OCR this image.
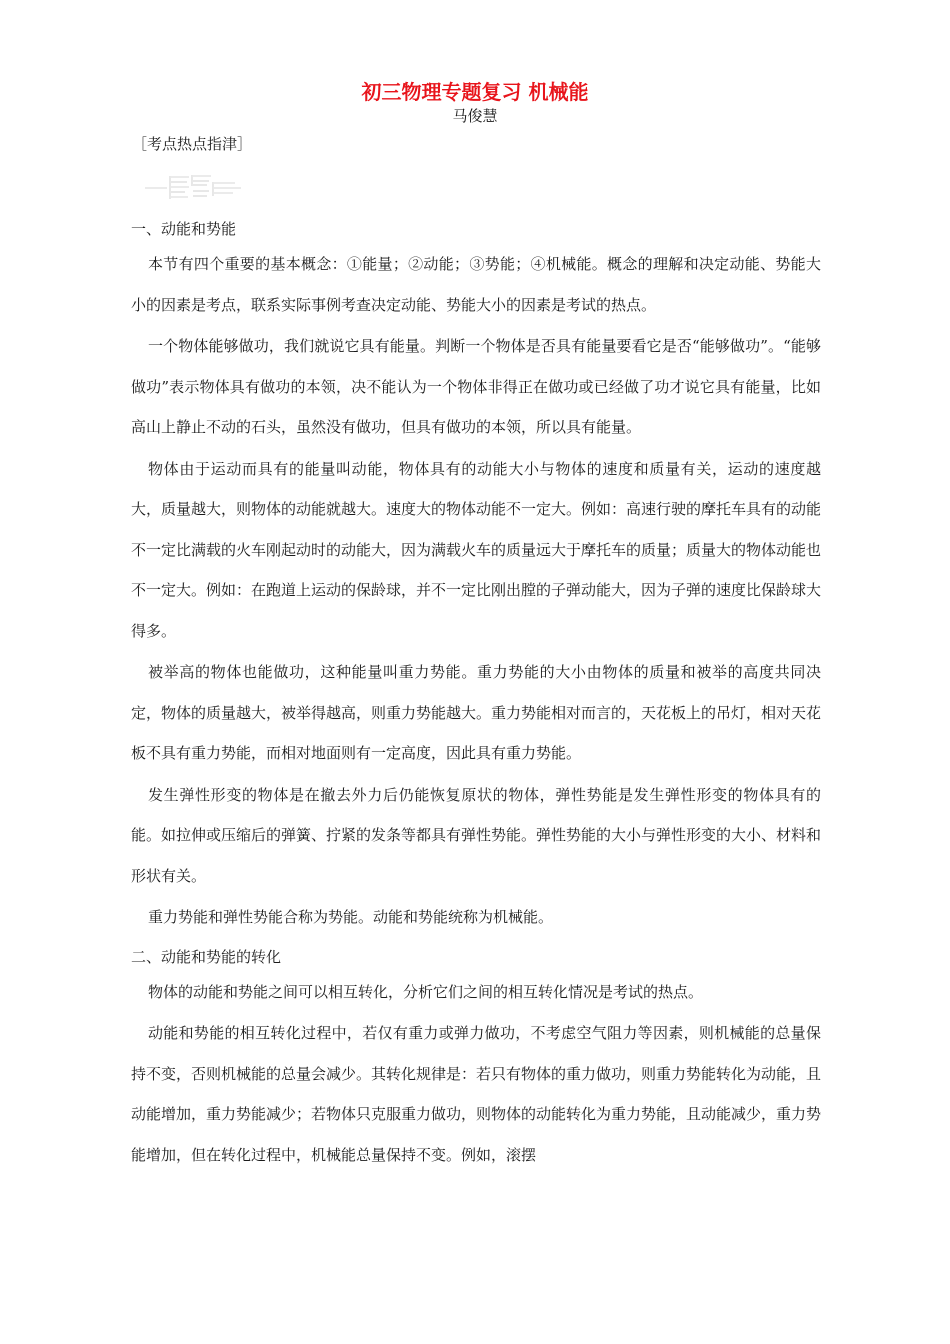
初三物理专题复习 机械能
马俊慧
［考点热点指津］
一、动能和势能

本节有四个重要的基本概念：①能量；②动能；③势能；④机械能。概念的理解和决定动能、势能大小的因素是考点，联系实际事例考查决定动能、势能大小的因素是考试的热点。

一个物体能够做功，我们就说它具有能量。判断一个物体是否具有能量要看它是否“能够做功”。“能够做功”表示物体具有做功的本领，决不能认为一个物体非得正在做功或已经做了功才说它具有能量，比如高山上静止不动的石头，虽然没有做功，但具有做功的本领，所以具有能量。

物体由于运动而具有的能量叫动能，物体具有的动能大小与物体的速度和质量有关，运动的速度越大，质量越大，则物体的动能就越大。速度大的物体动能不一定大。例如：高速行驶的摩托车具有的动能不一定比满载的火车刚起动时的动能大，因为满载火车的质量远大于摩托车的质量；质量大的物体动能也不一定大。例如：在跑道上运动的保龄球，并不一定比刚出膛的子弹动能大，因为子弹的速度比保龄球大得多。

被举高的物体也能做功，这种能量叫重力势能。重力势能的大小由物体的质量和被举的高度共同决定，物体的质量越大，被举得越高，则重力势能越大。重力势能相对而言的，天花板上的吊灯，相对天花板不具有重力势能，而相对地面则有一定高度，因此具有重力势能。

发生弹性形变的物体是在撤去外力后仍能恢复原状的物体，弹性势能是发生弹性形变的物体具有的能。如拉伸或压缩后的弹簧、拧紧的发条等都具有弹性势能。弹性势能的大小与弹性形变的大小、材料和形状有关。

重力势能和弹性势能合称为势能。动能和势能统称为机械能。

二、动能和势能的转化

物体的动能和势能之间可以相互转化，分析它们之间的相互转化情况是考试的热点。

动能和势能的相互转化过程中，若仅有重力或弹力做功，不考虑空气阻力等因素，则机械能的总量保持不变，否则机械能的总量会减少。其转化规律是：若只有物体的重力做功，则重力势能转化为动能，且动能增加，重力势能减少；若物体只克服重力做功，则物体的动能转化为重力势能，且动能减少，重力势能增加，但在转化过程中，机械能总量保持不变。例如，滚摆
